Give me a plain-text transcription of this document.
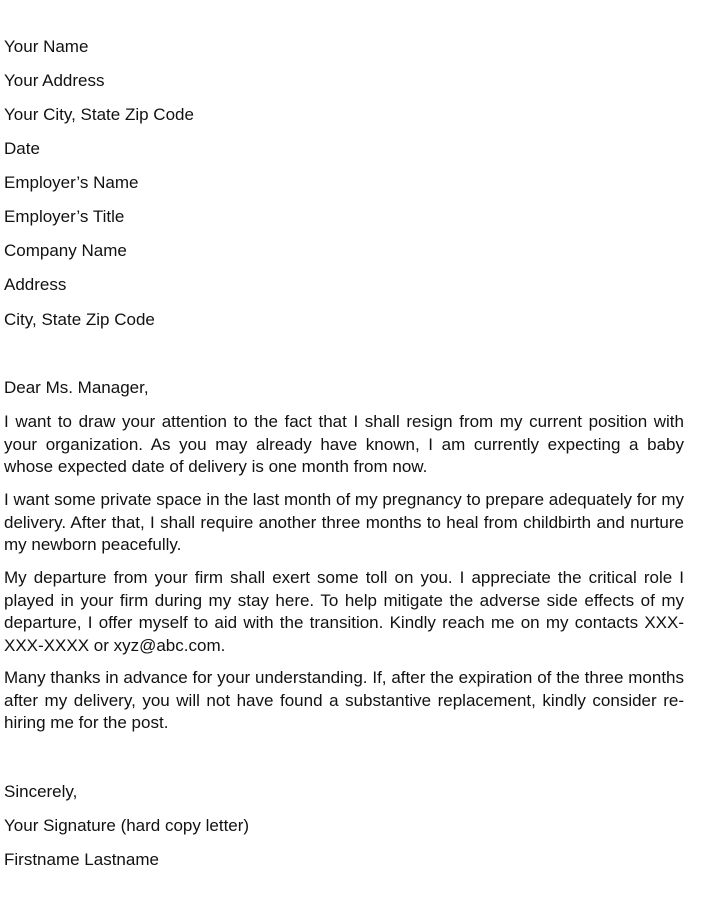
Your Name
Your Address
Your City, State Zip Code
Date
Employer’s Name
Employer’s Title
Company Name
Address
City, State Zip Code
Dear Ms. Manager,

I want to draw your attention to the fact that I shall resign from my current position with your organization. As you may already have known, I am currently expecting a baby whose expected date of delivery is one month from now.

I want some private space in the last month of my pregnancy to prepare adequately for my delivery. After that, I shall require another three months to heal from childbirth and nurture my newborn peacefully.

My departure from your firm shall exert some toll on you. I appreciate the critical role I played in your firm during my stay here. To help mitigate the adverse side effects of my departure, I offer myself to aid with the transition. Kindly reach me on my contacts XXX-XXX-XXXX or xyz@abc.com.

Many thanks in advance for your understanding. If, after the expiration of the three months after my delivery, you will not have found a substantive replacement, kindly consider re-hiring me for the post.

Sincerely,
Your Signature (hard copy letter)
Firstname Lastname
